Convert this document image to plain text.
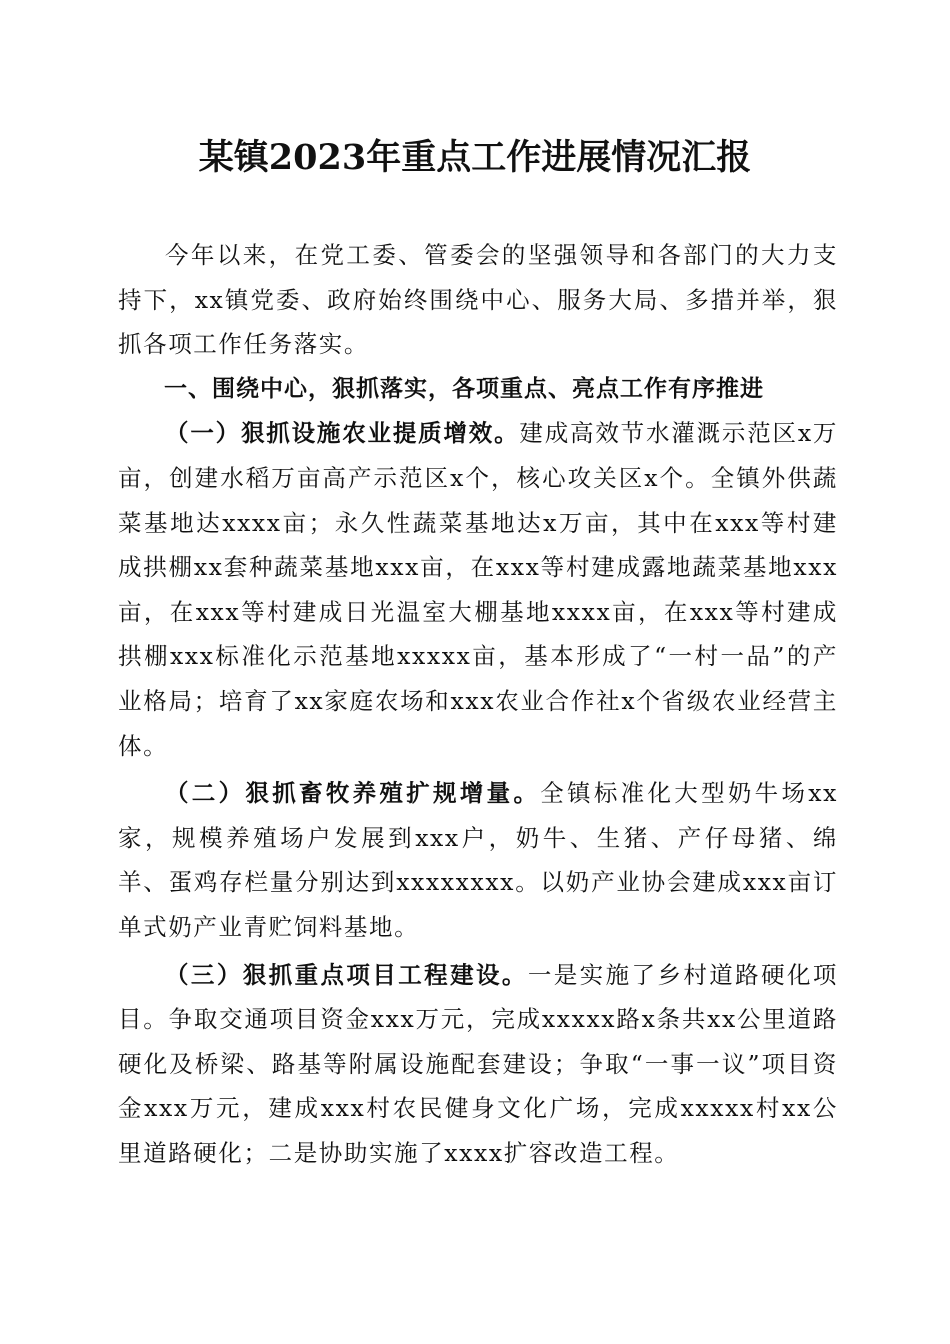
某镇2023年重点工作进展情况汇报

今年以来，在党工委、管委会的坚强领导和各部门的大力支持下，xx镇党委、政府始终围绕中心、服务大局、多措并举，狠抓各项工作任务落实。

一、围绕中心，狠抓落实，各项重点、亮点工作有序推进

（一）狠抓设施农业提质增效。建成高效节水灌溉示范区x万亩，创建水稻万亩高产示范区x个，核心攻关区x个。全镇外供蔬菜基地达xxxx亩；永久性蔬菜基地达x万亩，其中在xxx等村建成拱棚xx套种蔬菜基地xxx亩，在xxx等村建成露地蔬菜基地xxx亩，在xxx等村建成日光温室大棚基地xxxx亩，在xxx等村建成拱棚xxx标准化示范基地xxxxx亩，基本形成了“一村一品”的产业格局；培育了xx家庭农场和xxx农业合作社x个省级农业经营主体。

（二）狠抓畜牧养殖扩规增量。全镇标准化大型奶牛场xx家，规模养殖场户发展到xxx户，奶牛、生猪、产仔母猪、绵羊、蛋鸡存栏量分别达到xxxxxxxx。以奶产业协会建成xxx亩订单式奶产业青贮饲料基地。

（三）狠抓重点项目工程建设。一是实施了乡村道路硬化项目。争取交通项目资金xxx万元，完成xxxxx路x条共xx公里道路硬化及桥梁、路基等附属设施配套建设；争取“一事一议”项目资金xxx万元，建成xxx村农民健身文化广场，完成xxxxx村xx公里道路硬化；二是协助实施了xxxx扩容改造工程。
